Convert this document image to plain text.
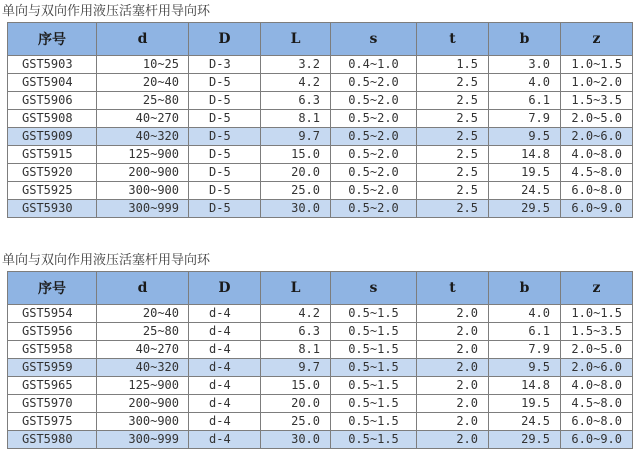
单向与双向作用液压活塞杆用导向环
序号	d	D	L	s	t	b	z
GST5903	10~25	D-3	3.2	0.4~1.0	1.5	3.0	1.0~1.5
GST5904	20~40	D-5	4.2	0.5~2.0	2.5	4.0	1.0~2.0
GST5906	25~80	D-5	6.3	0.5~2.0	2.5	6.1	1.5~3.5
GST5908	40~270	D-5	8.1	0.5~2.0	2.5	7.9	2.0~5.0
GST5909	40~320	D-5	9.7	0.5~2.0	2.5	9.5	2.0~6.0
GST5915	125~900	D-5	15.0	0.5~2.0	2.5	14.8	4.0~8.0
GST5920	200~900	D-5	20.0	0.5~2.0	2.5	19.5	4.5~8.0
GST5925	300~900	D-5	25.0	0.5~2.0	2.5	24.5	6.0~8.0
GST5930	300~999	D-5	30.0	0.5~2.0	2.5	29.5	6.0~9.0
单向与双向作用液压活塞杆用导向环
序号	d	D	L	s	t	b	z
GST5954	20~40	d-4	4.2	0.5~1.5	2.0	4.0	1.0~1.5
GST5956	25~80	d-4	6.3	0.5~1.5	2.0	6.1	1.5~3.5
GST5958	40~270	d-4	8.1	0.5~1.5	2.0	7.9	2.0~5.0
GST5959	40~320	d-4	9.7	0.5~1.5	2.0	9.5	2.0~6.0
GST5965	125~900	d-4	15.0	0.5~1.5	2.0	14.8	4.0~8.0
GST5970	200~900	d-4	20.0	0.5~1.5	2.0	19.5	4.5~8.0
GST5975	300~900	d-4	25.0	0.5~1.5	2.0	24.5	6.0~8.0
GST5980	300~999	d-4	30.0	0.5~1.5	2.0	29.5	6.0~9.0
